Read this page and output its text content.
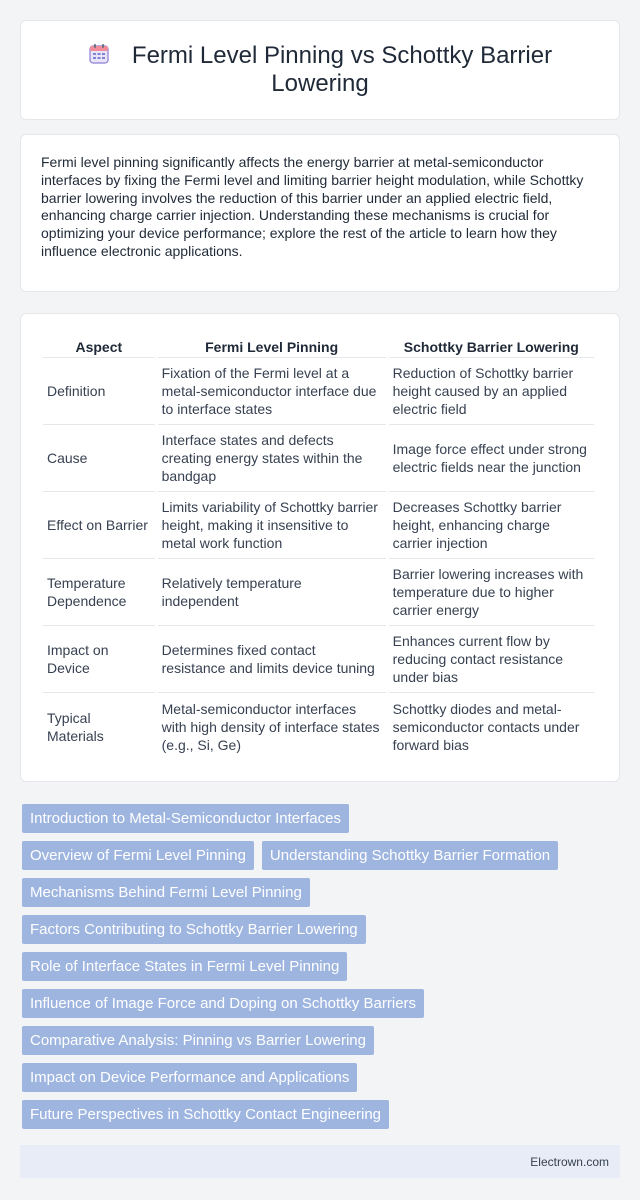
Fermi Level Pinning vs Schottky Barrier Lowering

Fermi level pinning significantly affects the energy barrier at metal-semiconductor interfaces by fixing the Fermi level and limiting barrier height modulation, while Schottky barrier lowering involves the reduction of this barrier under an applied electric field, enhancing charge carrier injection. Understanding these mechanisms is crucial for optimizing your device performance; explore the rest of the article to learn how they influence electronic applications.

Aspect	Fermi Level Pinning	Schottky Barrier Lowering
Definition	Fixation of the Fermi level at a metal-semiconductor interface due to interface states	Reduction of Schottky barrier height caused by an applied electric field
Cause	Interface states and defects creating energy states within the bandgap	Image force effect under strong electric fields near the junction
Effect on Barrier	Limits variability of Schottky barrier height, making it insensitive to metal work function	Decreases Schottky barrier height, enhancing charge carrier injection
Temperature Dependence	Relatively temperature independent	Barrier lowering increases with temperature due to higher carrier energy
Impact on Device	Determines fixed contact resistance and limits device tuning	Enhances current flow by reducing contact resistance under bias
Typical Materials	Metal-semiconductor interfaces with high density of interface states (e.g., Si, Ge)	Schottky diodes and metal-semiconductor contacts under forward bias
Introduction to Metal-Semiconductor Interfaces
Overview of Fermi Level Pinning	Understanding Schottky Barrier Formation
Mechanisms Behind Fermi Level Pinning
Factors Contributing to Schottky Barrier Lowering
Role of Interface States in Fermi Level Pinning
Influence of Image Force and Doping on Schottky Barriers
Comparative Analysis: Pinning vs Barrier Lowering
Impact on Device Performance and Applications
Future Perspectives in Schottky Contact Engineering
Electrown.com
